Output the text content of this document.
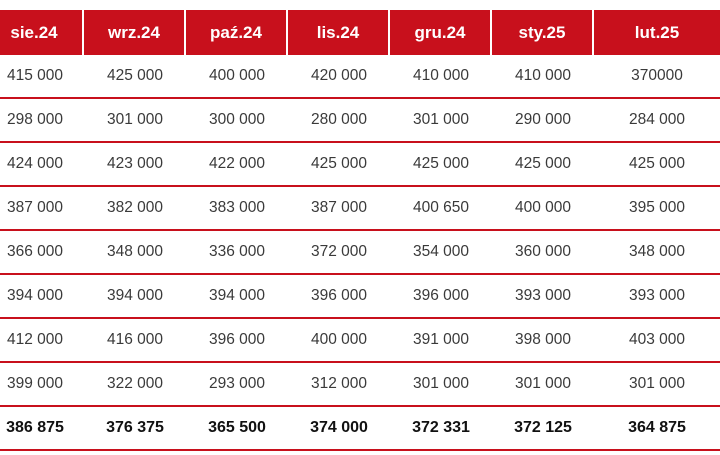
sie.24	wrz.24	paź.24	lis.24	gru.24	sty.25	lut.25
415 000	425 000	400 000	420 000	410 000	410 000	370000
298 000	301 000	300 000	280 000	301 000	290 000	284 000
424 000	423 000	422 000	425 000	425 000	425 000	425 000
387 000	382 000	383 000	387 000	400 650	400 000	395 000
366 000	348 000	336 000	372 000	354 000	360 000	348 000
394 000	394 000	394 000	396 000	396 000	393 000	393 000
412 000	416 000	396 000	400 000	391 000	398 000	403 000
399 000	322 000	293 000	312 000	301 000	301 000	301 000
386 875	376 375	365 500	374 000	372 331	372 125	364 875
